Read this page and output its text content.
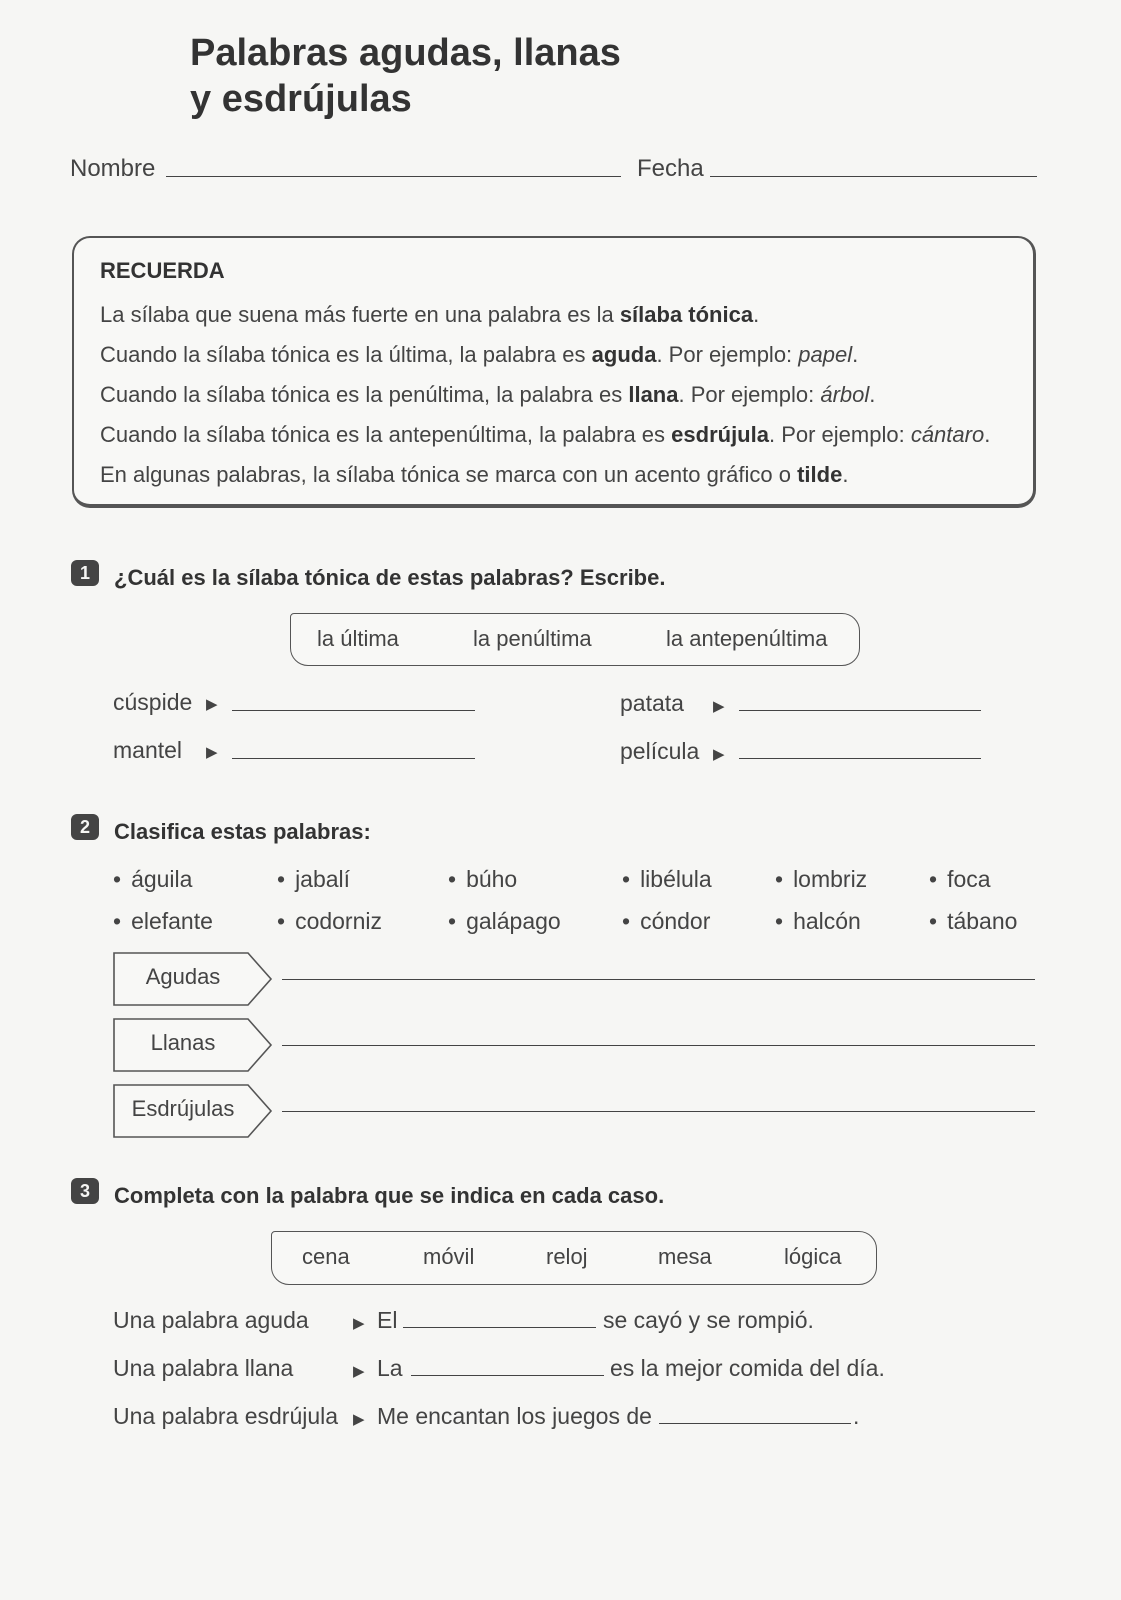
Palabras agudas, llanas
y esdrújulas
Nombre	Fecha
RECUERDA
La sílaba que suena más fuerte en una palabra es la sílaba tónica.
Cuando la sílaba tónica es la última, la palabra es aguda. Por ejemplo: papel.
Cuando la sílaba tónica es la penúltima, la palabra es llana. Por ejemplo: árbol.
Cuando la sílaba tónica es la antepenúltima, la palabra es esdrújula. Por ejemplo: cántaro.
En algunas palabras, la sílaba tónica se marca con un acento gráfico o tilde.
1	¿Cuál es la sílaba tónica de estas palabras? Escribe.
la última	la penúltima	la antepenúltima
cúspide ▶
mantel ▶
patata ▶
película ▶
2	Clasifica estas palabras:
• águila	• jabalí	• búho	• libélula	• lombriz	• foca
• elefante	• codorniz	• galápago	• cóndor	• halcón	• tábano
Agudas
Llanas
Esdrújulas
3	Completa con la palabra que se indica en cada caso.
cena	móvil	reloj	mesa	lógica
Una palabra aguda	▶ El	se cayó y se rompió.
Una palabra llana	▶ La	es la mejor comida del día.
Una palabra esdrújula ▶ Me encantan los juegos de	.
